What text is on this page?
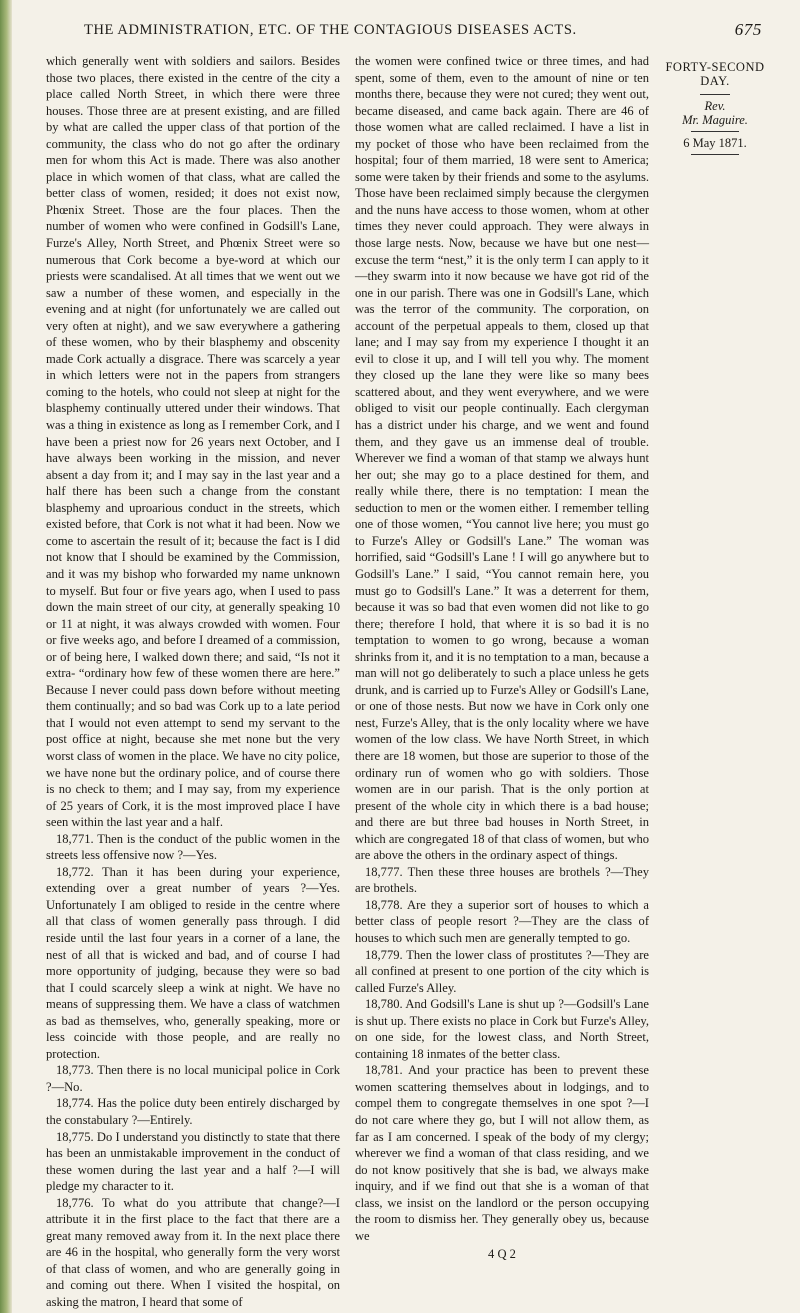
THE ADMINISTRATION, ETC. OF THE CONTAGIOUS DISEASES ACTS.	675

which generally went with soldiers and sailors. Besides those two places, there existed in the centre of the city a place called North Street, in which there were three houses. Those three are at present existing, and are filled by what are called the upper class of that portion of the community, the class who do not go after the ordinary men for whom this Act is made. There was also another place in which women of that class, what are called the better class of women, resided; it does not exist now, Phœnix Street. Those are the four places. Then the number of women who were confined in Godsill's Lane, Furze's Alley, North Street, and Phœnix Street were so numerous that Cork become a bye-word at which our priests were scandalised. At all times that we went out we saw a number of these women, and especially in the evening and at night (for unfortunately we are called out very often at night), and we saw everywhere a gathering of these women, who by their blasphemy and obscenity made Cork actually a disgrace. There was scarcely a year in which letters were not in the papers from strangers coming to the hotels, who could not sleep at night for the blasphemy continually uttered under their windows. That was a thing in existence as long as I remember Cork, and I have been a priest now for 26 years next October, and I have always been working in the mission, and never absent a day from it; and I may say in the last year and a half there has been such a change from the constant blasphemy and uproarious conduct in the streets, which existed before, that Cork is not what it had been. Now we come to ascertain the result of it; because the fact is I did not know that I should be examined by the Commission, and it was my bishop who forwarded my name unknown to myself. But four or five years ago, when I used to pass down the main street of our city, at generally speaking 10 or 11 at night, it was always crowded with women. Four or five weeks ago, and before I dreamed of a commission, or of being here, I walked down there; and said, “Is not it extra- “ordinary how few of these women there are here.” Because I never could pass down before without meeting them continually; and so bad was Cork up to a late period that I would not even attempt to send my servant to the post office at night, because she met none but the very worst class of women in the place. We have no city police, we have none but the ordinary police, and of course there is no check to them; and I may say, from my experience of 25 years of Cork, it is the most improved place I have seen within the last year and a half.

18,771. Then is the conduct of the public women in the streets less offensive now ?—Yes.

18,772. Than it has been during your experience, extending over a great number of years ?—Yes. Unfortunately I am obliged to reside in the centre where all that class of women generally pass through. I did reside until the last four years in a corner of a lane, the nest of all that is wicked and bad, and of course I had more opportunity of judging, because they were so bad that I could scarcely sleep a wink at night. We have no means of suppressing them. We have a class of watchmen as bad as themselves, who, generally speaking, more or less coincide with those people, and are really no protection.

18,773. Then there is no local municipal police in Cork ?—No.

18,774. Has the police duty been entirely discharged by the constabulary ?—Entirely.

18,775. Do I understand you distinctly to state that there has been an unmistakable improvement in the conduct of these women during the last year and a half ?—I will pledge my character to it.

18,776. To what do you attribute that change?—I attribute it in the first place to the fact that there are a great many removed away from it. In the next place there are 46 in the hospital, who generally form the very worst of that class of women, and who are generally going in and coming out there. When I visited the hospital, on asking the matron, I heard that some of

the women were confined twice or three times, and had spent, some of them, even to the amount of nine or ten months there, because they were not cured; they went out, became diseased, and came back again. There are 46 of those women what are called reclaimed. I have a list in my pocket of those who have been reclaimed from the hospital; four of them married, 18 were sent to America; some were taken by their friends and some to the asylums. Those have been reclaimed simply because the clergymen and the nuns have access to those women, whom at other times they never could approach. They were always in those large nests. Now, because we have but one nest—excuse the term “nest,” it is the only term I can apply to it—they swarm into it now because we have got rid of the one in our parish. There was one in Godsill's Lane, which was the terror of the community. The corporation, on account of the perpetual appeals to them, closed up that lane; and I may say from my experience I thought it an evil to close it up, and I will tell you why. The moment they closed up the lane they were like so many bees scattered about, and they went everywhere, and we were obliged to visit our people continually. Each clergyman has a district under his charge, and we went and found them, and they gave us an immense deal of trouble. Wherever we find a woman of that stamp we always hunt her out; she may go to a place destined for them, and really while there, there is no temptation: I mean the seduction to men or the women either. I remember telling one of those women, “You cannot live here; you must go to Furze's Alley or Godsill's Lane.” The woman was horrified, said “Godsill's Lane ! I will go anywhere but to Godsill's Lane.” I said, “You cannot remain here, you must go to Godsill's Lane.” It was a deterrent for them, because it was so bad that even women did not like to go there; therefore I hold, that where it is so bad it is no temptation to women to go wrong, because a woman shrinks from it, and it is no temptation to a man, because a man will not go deliberately to such a place unless he gets drunk, and is carried up to Furze's Alley or Godsill's Lane, or one of those nests. But now we have in Cork only one nest, Furze's Alley, that is the only locality where we have women of the low class. We have North Street, in which there are 18 women, but those are superior to those of the ordinary run of women who go with soldiers. Those women are in our parish. That is the only portion at present of the whole city in which there is a bad house; and there are but three bad houses in North Street, in which are congregated 18 of that class of women, but who are above the others in the ordinary aspect of things.

18,777. Then these three houses are brothels ?—They are brothels.

18,778. Are they a superior sort of houses to which a better class of people resort ?—They are the class of houses to which such men are generally tempted to go.

18,779. Then the lower class of prostitutes ?—They are all confined at present to one portion of the city which is called Furze's Alley.

18,780. And Godsill's Lane is shut up ?—Godsill's Lane is shut up. There exists no place in Cork but Furze's Alley, on one side, for the lowest class, and North Street, containing 18 inmates of the better class.

18,781. And your practice has been to prevent these women scattering themselves about in lodgings, and to compel them to congregate themselves in one spot ?—I do not care where they go, but I will not allow them, as far as I am concerned. I speak of the body of my clergy; wherever we find a woman of that class residing, and we do not know positively that she is bad, we always make inquiry, and if we find out that she is a woman of that class, we insist on the landlord or the person occupying the room to dismiss her. They generally obey us, because we

4 Q 2

FORTY-SECOND DAY.
Rev.
Mr. Maguire.
6 May 1871.
